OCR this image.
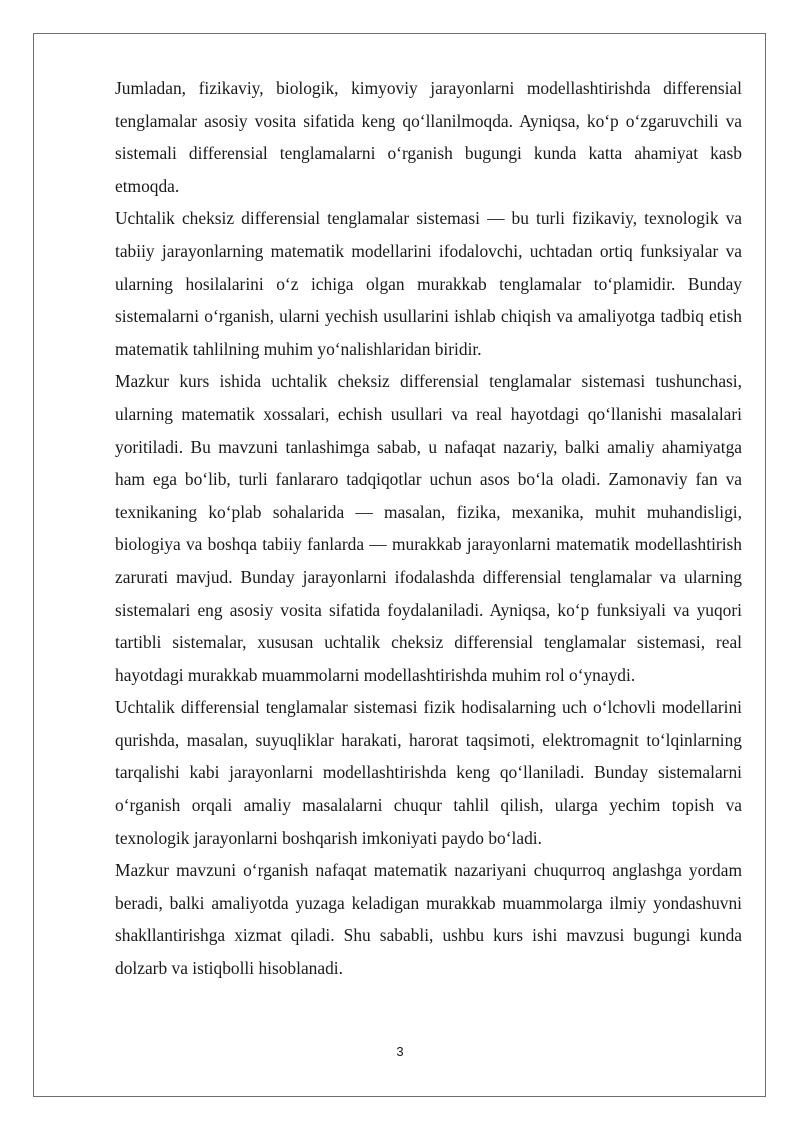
Jumladan, fizikaviy, biologik, kimyoviy jarayonlarni modellashtirishda differensial tenglamalar asosiy vosita sifatida keng qo‘llanilmoqda. Ayniqsa, ko‘p o‘zgaruvchili va sistemali differensial tenglamalarni o‘rganish bugungi kunda katta ahamiyat kasb etmoqda.

Uchtalik cheksiz differensial tenglamalar sistemasi — bu turli fizikaviy, texnologik va tabiiy jarayonlarning matematik modellarini ifodalovchi, uchtadan ortiq funksiyalar va ularning hosilalarini o‘z ichiga olgan murakkab tenglamalar to‘plamidir. Bunday sistemalarni o‘rganish, ularni yechish usullarini ishlab chiqish va amaliyotga tadbiq etish matematik tahlilning muhim yo‘nalishlaridan biridir.

Mazkur kurs ishida uchtalik cheksiz differensial tenglamalar sistemasi tushunchasi, ularning matematik xossalari, echish usullari va real hayotdagi qo‘llanishi masalalari yoritiladi. Bu mavzuni tanlashimga sabab, u nafaqat nazariy, balki amaliy ahamiyatga ham ega bo‘lib, turli fanlararo tadqiqotlar uchun asos bo‘la oladi. Zamonaviy fan va texnikaning ko‘plab sohalarida — masalan, fizika, mexanika, muhit muhandisligi, biologiya va boshqa tabiiy fanlarda — murakkab jarayonlarni matematik modellashtirish zarurati mavjud. Bunday jarayonlarni ifodalashda differensial tenglamalar va ularning sistemalari eng asosiy vosita sifatida foydalaniladi. Ayniqsa, ko‘p funksiyali va yuqori tartibli sistemalar, xususan uchtalik cheksiz differensial tenglamalar sistemasi, real hayotdagi murakkab muammolarni modellashtirishda muhim rol o‘ynaydi.

Uchtalik differensial tenglamalar sistemasi fizik hodisalarning uch o‘lchovli modellarini qurishda, masalan, suyuqliklar harakati, harorat taqsimoti, elektromagnit to‘lqinlarning tarqalishi kabi jarayonlarni modellashtirishda keng qo‘llaniladi. Bunday sistemalarni o‘rganish orqali amaliy masalalarni chuqur tahlil qilish, ularga yechim topish va texnologik jarayonlarni boshqarish imkoniyati paydo bo‘ladi.

Mazkur mavzuni o‘rganish nafaqat matematik nazariyani chuqurroq anglashga yordam beradi, balki amaliyotda yuzaga keladigan murakkab muammolarga ilmiy yondashuvni shakllantirishga xizmat qiladi. Shu sababli, ushbu kurs ishi mavzusi bugungi kunda dolzarb va istiqbolli hisoblanadi.

3
